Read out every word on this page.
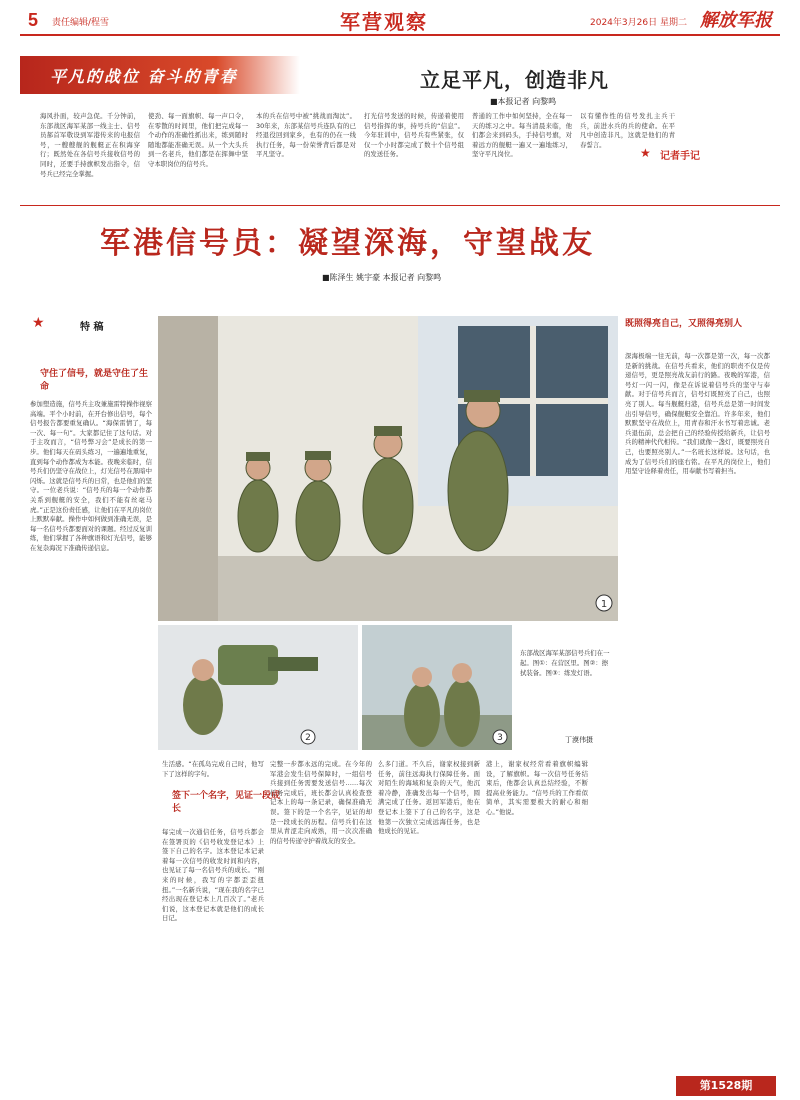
5 责任编辑/程雪	军营观察	2024年3月26日 星期二 解放军报
平凡的战位 奋斗的青春	立足平凡，创造非凡
■本报记者 向黎鸣
海风扑面，较声急促。千分钟前，东部战区海军某部一线主士、信号员郝首军敬设到军港传来的电报信号，一艘艘舰的舰艇正在积海穿行；既然处在各信号兵接收信号的同时，还要手持旗帜发出指令，信号兵已经完全掌握。
使劲、每一面旗帜、每一声口令，在零散的时间里，他们把完成每一个动作的准确性抓出来，练到随时随地都能准确无误。从一个大头兵到一名老兵，他们都是在挥舞中坚守本职岗位的信号兵。
本的兵在信号中被“挑战而淘汰”。30年来，东部某信号兵连队有的已经退役回到家乡，也有的仍在一线执行任务，每一份荣誉背后都是对平凡坚守。
打光信号发送的时候，传递着使用信号指挥的事，持号兵的“信息”。今年驻训中，信号兵有些紧张，仅仅一个小时都完成了数十个信号组的发送任务。
普通的工作中如何坚持，全在每一天的练习之中。每当清晨来临，他们都会来到码头，手持信号旗，对着远方的舰艇一遍又一遍地练习，坚守平凡岗位。
以有懂作性的信号发扎主兵干兵，前进水兵的兵的使命。在平凡中创造非凡，这就是他们的青春誓言。
★ 记者手记
军港信号员：凝望深海，守望战友
■陈泽生 姚宇豪 本报记者 向黎鸣
★	特 稿
守住了信号，就是守住了生命
参加塑造施，信号兵主攻兼施雷特操作视察高端。平个小时前，在开台修出信号，每个信号报告都要重复确认。“海保雷情了，每一次、每一句”。大家都记住了这句话。对于主攻而言，“信号弊习会”是成长的第一步。他们每天在码头练习，一遍遍地重复，直到每个动作都成为本能。夜晚来临时，信号兵们仍坚守在战位上，灯光信号在黑暗中闪烁。这就是信号兵的日常，也是他们的坚守。一位老兵说：“信号兵的每一个动作都关系到舰艇的安全，我们不能有丝毫马虎。”正是这份责任感，让他们在平凡的岗位上默默奉献。操作中如何做到准确无误，是每一名信号兵都要面对的课题。经过反复训练，他们掌握了各种旗语和灯光信号，能够在复杂海况下准确传递信息。
1
2	3
东部战区海军某部信号兵们在一起。图①：在营区里。图②：擦拭装备。图③：练发灯语。
丁漠伟摄
生活感。“在孤岛完成自己时，他写下了这样的字句。
签下一个名字，见证一段成长
每完成一次通信任务，信号兵都会在签署页的《信号收发登记本》上签下自己的名字。这本登记本记录着每一次信号的收发时间和内容，也见证了每一名信号兵的成长。“刚来的时候，我写的字都歪歪扭扭。”一名新兵说，“现在我的名字已经出现在登记本上几百次了。”老兵们说，这本登记本就是他们的成长日记。
完整一步都永远的完成。在今年的军港会发生信号保障时，一组信号兵接到任务需要发送信号……每次任务完成后，班长都会认真检查登记本上的每一条记录，确保准确无误。签下的是一个名字，见证的却是一段成长的历程。信号兵们在这里从青涩走向成熟，用一次次准确的信号传递守护着战友的安全。
么多门道。不久后，谢家权接到新任务，前往远海执行保障任务。面对陌生的海域和复杂的天气，他沉着冷静，准确发出每一个信号，圆满完成了任务。返回军港后，他在登记本上签下了自己的名字，这是他第一次独立完成远海任务，也是他成长的见证。
港上，谢家权经常看着旗帜编辑设，了解旗帜。每一次信号任务结束后，他都会认真总结经验，不断提高业务能力。“信号兵的工作看似简单，其实需要极大的耐心和细心。”他说。
既照得亮自己，又照得亮别人
深海极端一往无前，每一次都是第一次，每一次都是新的挑战。在信号兵看来，他们的职责不仅是传递信号，更是照亮战友前行的路。夜晚的军港，信号灯一闪一闪，像是在诉说着信号兵的坚守与奉献。对于信号兵而言，信号灯既照亮了自己，也照亮了别人。每当舰艇归港，信号兵总是第一时间发出引导信号，确保舰艇安全靠泊。许多年来，他们默默坚守在战位上，用青春和汗水书写着忠诚。老兵退伍前，总会把自己的经验传授给新兵，让信号兵的精神代代相传。“我们就像一盏灯，既要照亮自己，也要照亮别人。”一名班长这样说。这句话，也成为了信号兵们的座右铭。在平凡的岗位上，他们用坚守诠释着责任，用奉献书写着担当。
第1528期
